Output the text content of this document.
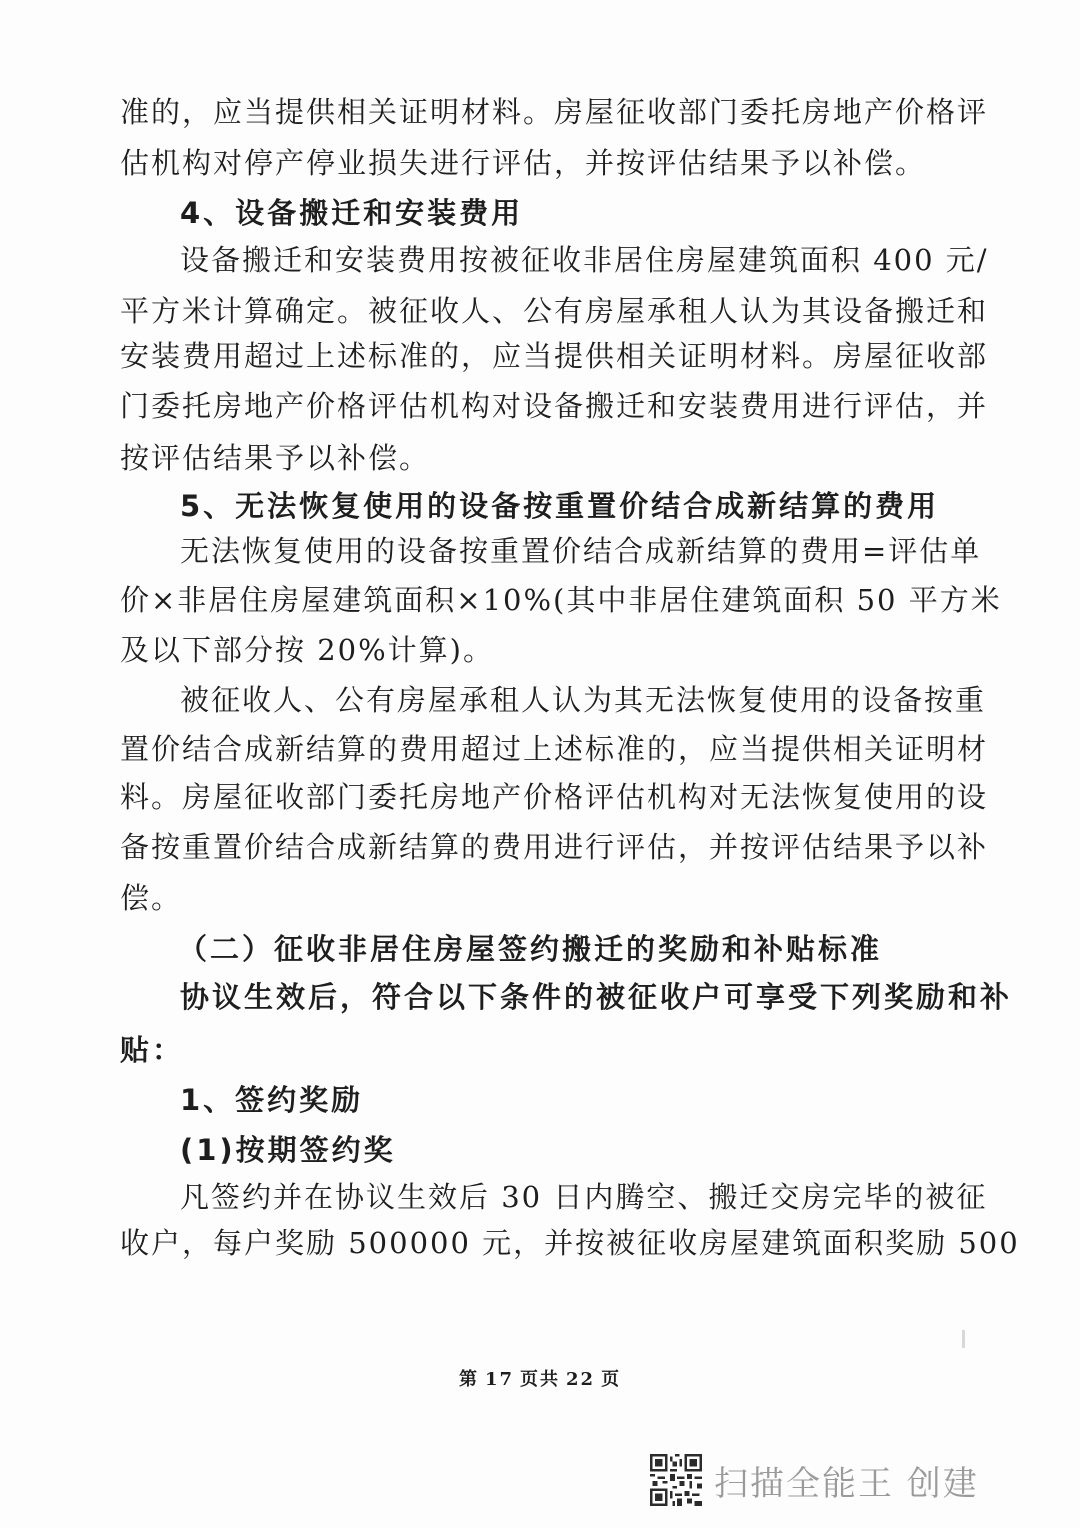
准的，应当提供相关证明材料。房屋征收部门委托房地产价格评
估机构对停产停业损失进行评估，并按评估结果予以补偿。
4、设备搬迁和安装费用
设备搬迁和安装费用按被征收非居住房屋建筑面积 400 元/
平方米计算确定。被征收人、公有房屋承租人认为其设备搬迁和
安装费用超过上述标准的，应当提供相关证明材料。房屋征收部
门委托房地产价格评估机构对设备搬迁和安装费用进行评估，并
按评估结果予以补偿。
5、无法恢复使用的设备按重置价结合成新结算的费用
无法恢复使用的设备按重置价结合成新结算的费用=评估单
价×非居住房屋建筑面积×10%(其中非居住建筑面积 50 平方米
及以下部分按 20%计算)。
被征收人、公有房屋承租人认为其无法恢复使用的设备按重
置价结合成新结算的费用超过上述标准的，应当提供相关证明材
料。房屋征收部门委托房地产价格评估机构对无法恢复使用的设
备按重置价结合成新结算的费用进行评估，并按评估结果予以补
偿。
（二）征收非居住房屋签约搬迁的奖励和补贴标准
协议生效后，符合以下条件的被征收户可享受下列奖励和补
贴：
1、签约奖励
(1)按期签约奖
凡签约并在协议生效后 30 日内腾空、搬迁交房完毕的被征
收户，每户奖励 500000 元，并按被征收房屋建筑面积奖励 500
第 17 页共 22 页
扫描全能王 创建
